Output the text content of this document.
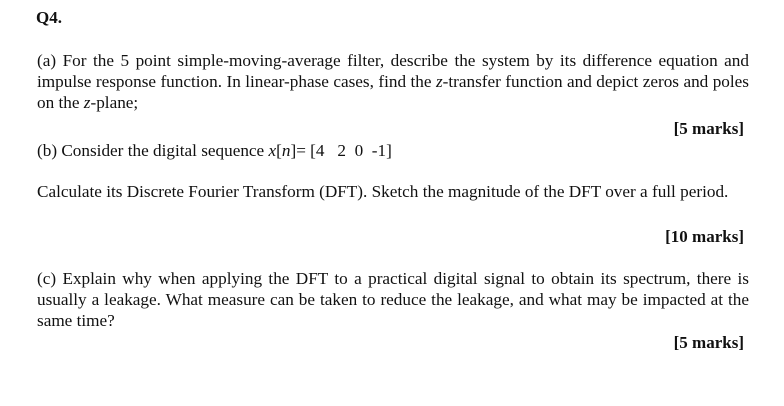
Q4.
(a) For the 5 point simple-moving-average filter, describe the system by its difference equation and impulse response function. In linear-phase cases, find the z-transfer function and depict zeros and poles on the z-plane;
[5 marks]
(b) Consider the digital sequence x[n]= [4   2  0  -1]
Calculate its Discrete Fourier Transform (DFT). Sketch the magnitude of the DFT over a full period.
[10 marks]
(c) Explain why when applying the DFT to a practical digital signal to obtain its spectrum, there is usually a leakage. What measure can be taken to reduce the leakage, and what may be impacted at the same time?
[5 marks]
